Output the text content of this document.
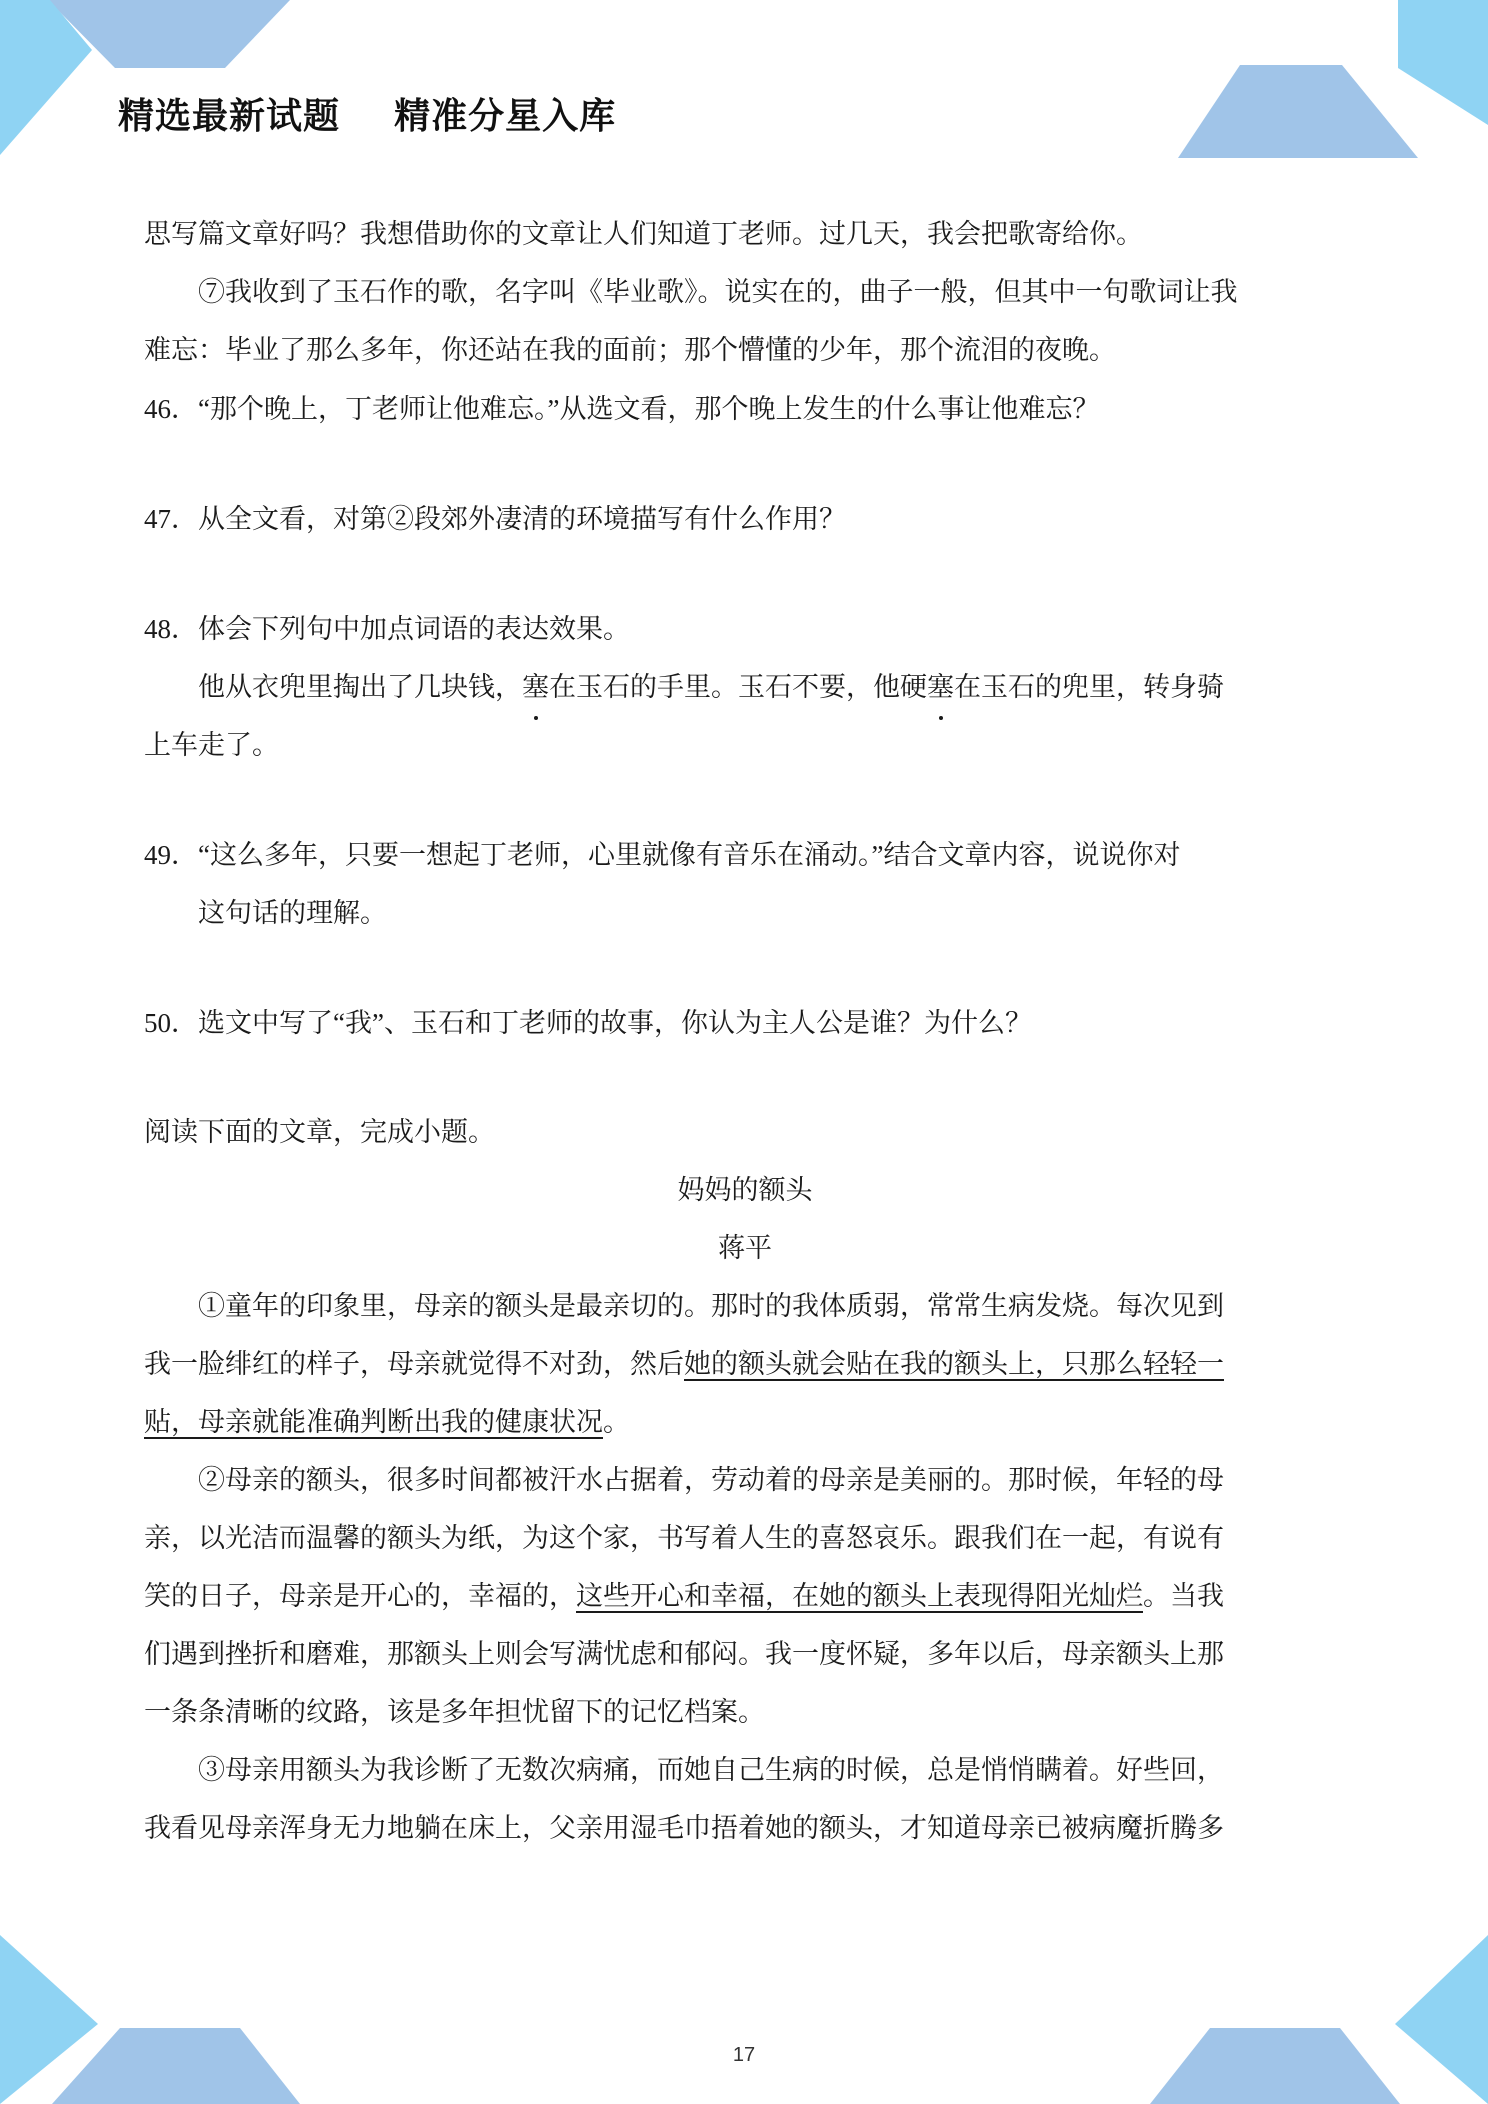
精选最新试题    精准分星入库
思写篇文章好吗？我想借助你的文章让人们知道丁老师。过几天，我会把歌寄给你。
⑦我收到了玉石作的歌，名字叫《毕业歌》。说实在的，曲子一般，但其中一句歌词让我
难忘：毕业了那么多年，你还站在我的面前；那个懵懂的少年，那个流泪的夜晚。
46．“那个晚上，丁老师让他难忘。”从选文看，那个晚上发生的什么事让他难忘？
47．从全文看，对第②段郊外凄清的环境描写有什么作用？
48．体会下列句中加点词语的表达效果。
他从衣兜里掏出了几块钱，塞在玉石的手里。玉石不要，他硬塞在玉石的兜里，转身骑
上车走了。
49．“这么多年，只要一想起丁老师，心里就像有音乐在涌动。”结合文章内容，说说你对
这句话的理解。
50．选文中写了“我”、玉石和丁老师的故事，你认为主人公是谁？为什么？
阅读下面的文章，完成小题。
妈妈的额头
蒋平
①童年的印象里，母亲的额头是最亲切的。那时的我体质弱，常常生病发烧。每次见到
我一脸绯红的样子，母亲就觉得不对劲，然后她的额头就会贴在我的额头上，只那么轻轻一
贴，母亲就能准确判断出我的健康状况。
②母亲的额头，很多时间都被汗水占据着，劳动着的母亲是美丽的。那时候，年轻的母
亲，以光洁而温馨的额头为纸，为这个家，书写着人生的喜怒哀乐。跟我们在一起，有说有
笑的日子，母亲是开心的，幸福的，这些开心和幸福，在她的额头上表现得阳光灿烂。当我
们遇到挫折和磨难，那额头上则会写满忧虑和郁闷。我一度怀疑，多年以后，母亲额头上那
一条条清晰的纹路，该是多年担忧留下的记忆档案。
③母亲用额头为我诊断了无数次病痛，而她自己生病的时候，总是悄悄瞒着。好些回，
我看见母亲浑身无力地躺在床上，父亲用湿毛巾捂着她的额头，才知道母亲已被病魔折腾多
17
